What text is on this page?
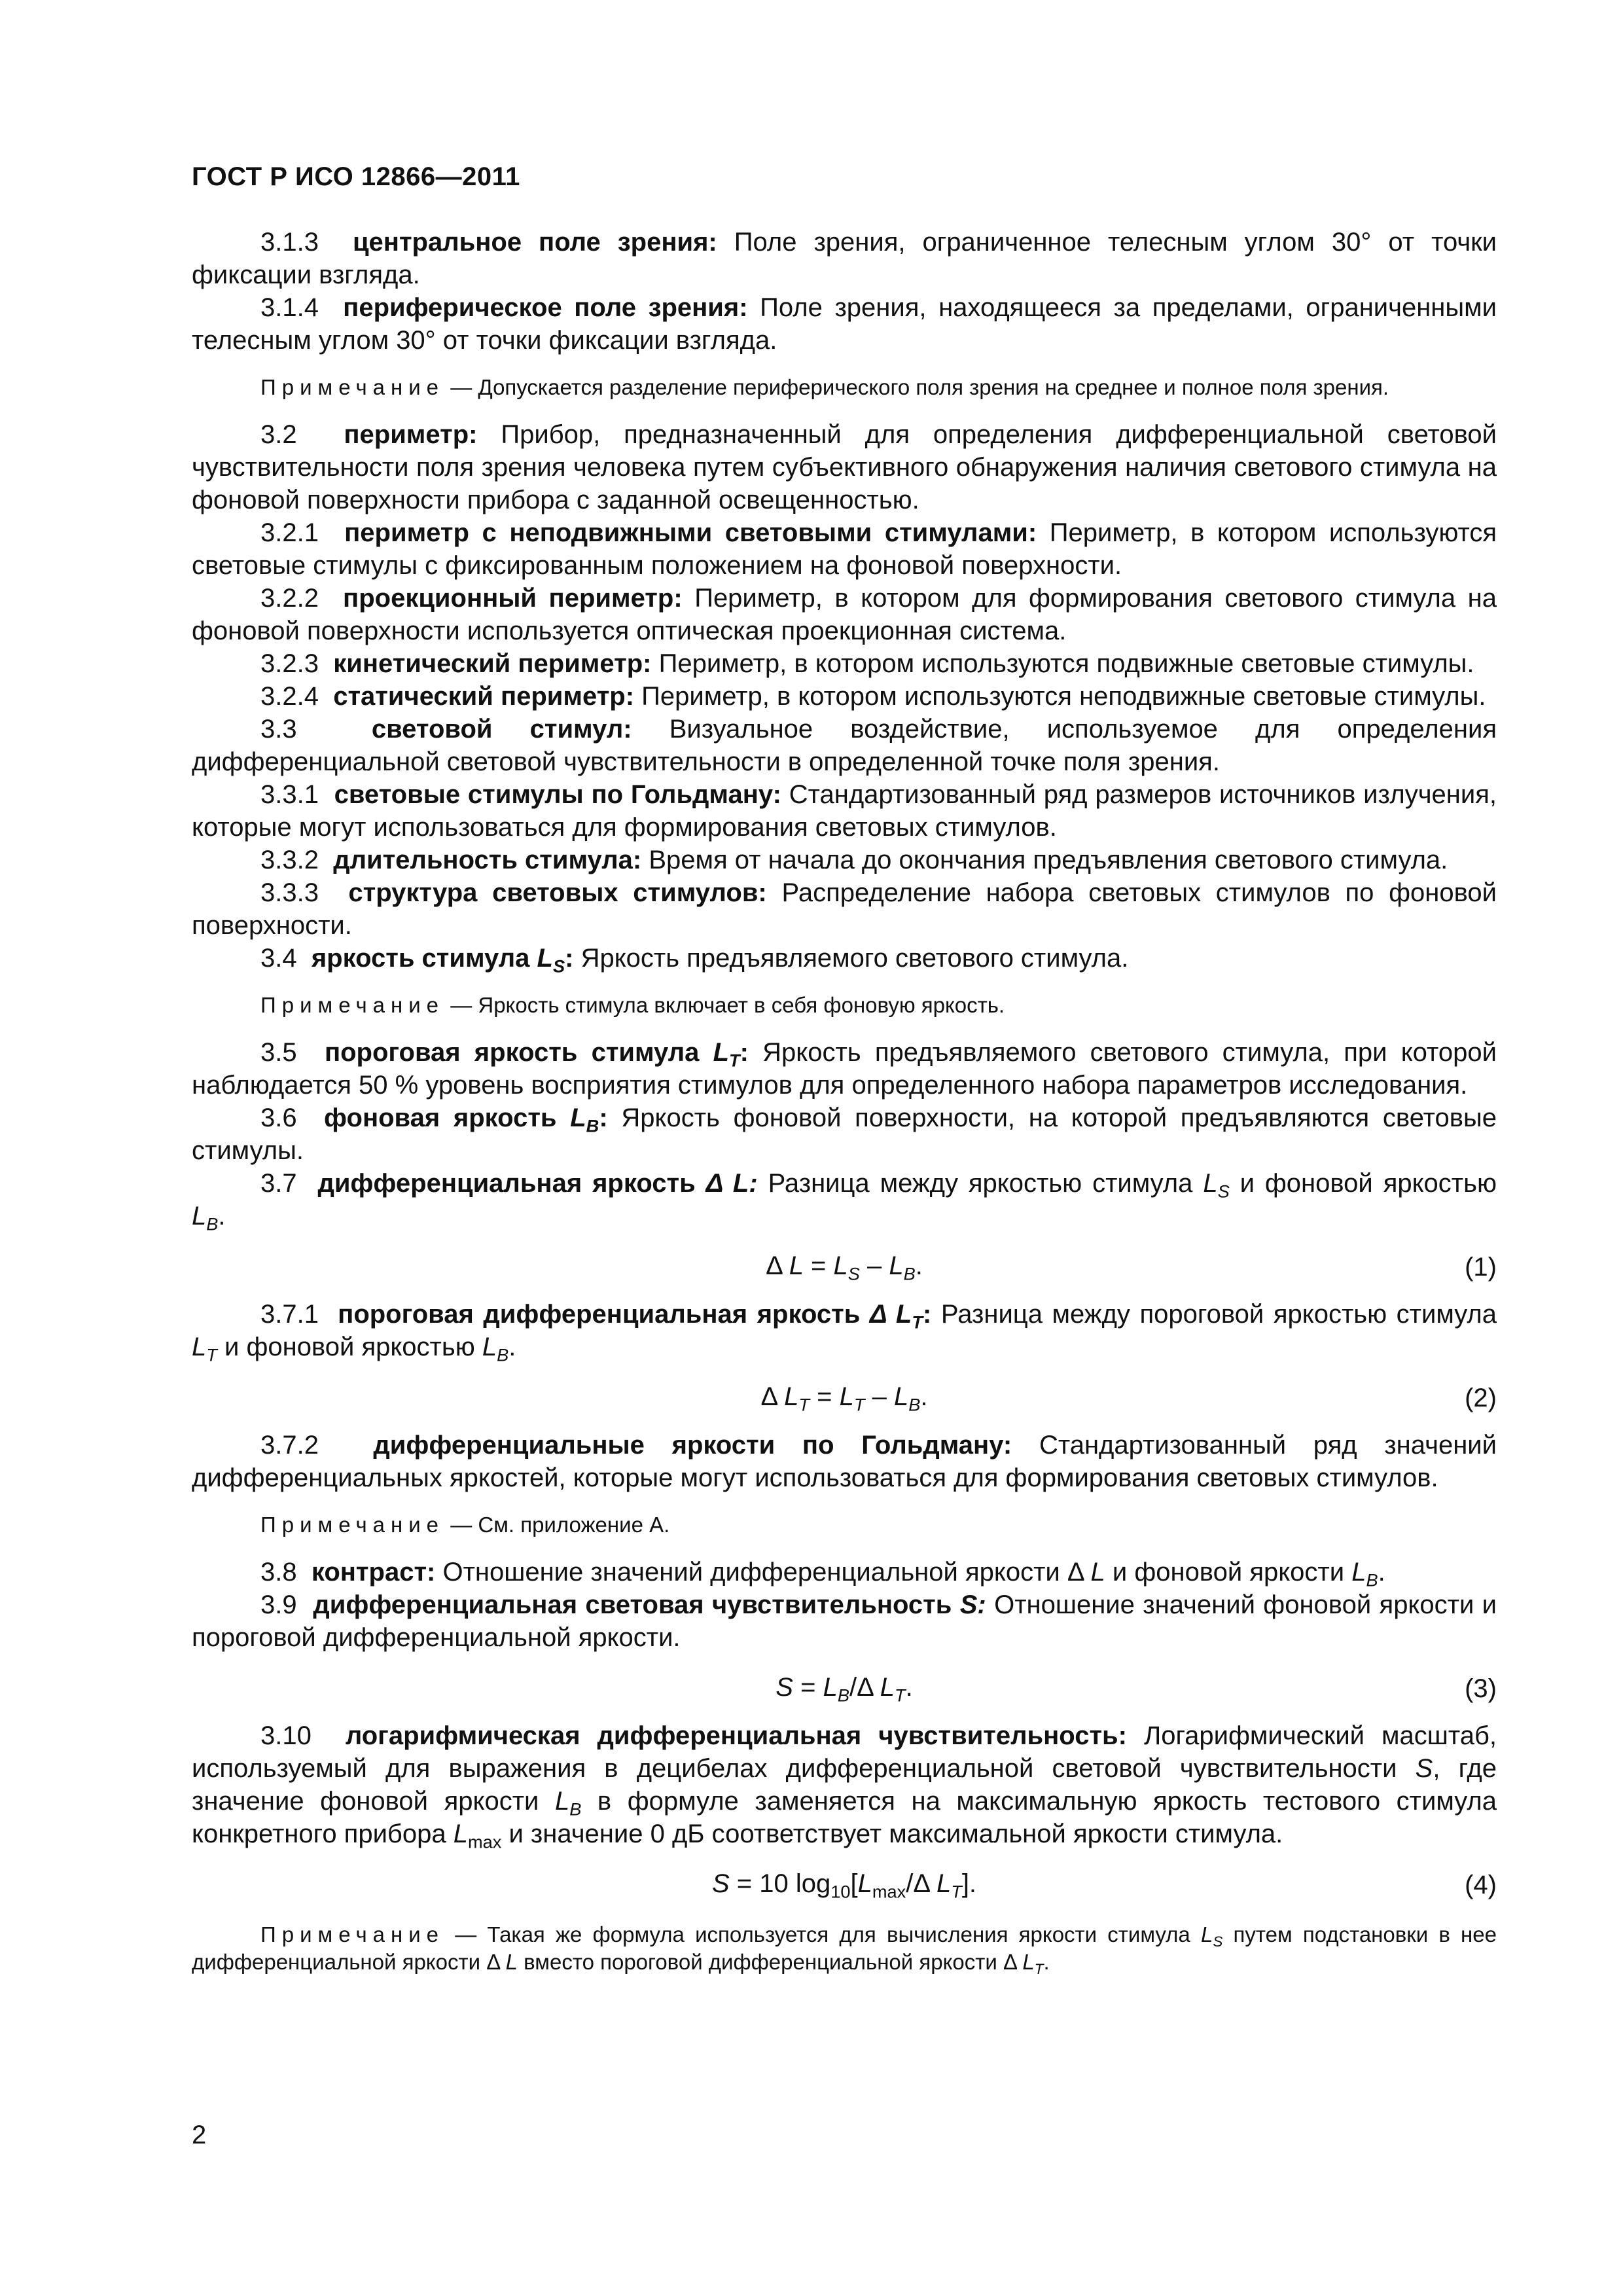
ГОСТ Р ИСО 12866—2011

3.1.3 центральное поле зрения: Поле зрения, ограниченное телесным углом 30° от точки фиксации взгляда.

3.1.4 периферическое поле зрения: Поле зрения, находящееся за пределами, ограниченными телесным углом 30° от точки фиксации взгляда.

Примечание — Допускается разделение периферического поля зрения на среднее и полное поля зрения.

3.2 периметр: Прибор, предназначенный для определения дифференциальной световой чувствительности поля зрения человека путем субъективного обнаружения наличия светового стимула на фоновой поверхности прибора с заданной освещенностью.

3.2.1 периметр с неподвижными световыми стимулами: Периметр, в котором используются световые стимулы с фиксированным положением на фоновой поверхности.

3.2.2 проекционный периметр: Периметр, в котором для формирования светового стимула на фоновой поверхности используется оптическая проекционная система.

3.2.3 кинетический периметр: Периметр, в котором используются подвижные световые стимулы.

3.2.4 статический периметр: Периметр, в котором используются неподвижные световые стимулы.

3.3	световой стимул: Визуальное воздействие, используемое для определения дифференциальной световой чувствительности в определенной точке поля зрения.

3.3.1 световые стимулы по Гольдману: Стандартизованный ряд размеров источников излучения, которые могут использоваться для формирования световых стимулов.

3.3.2 длительность стимула: Время от начала до окончания предъявления светового стимула.

3.3.3 структура световых стимулов: Распределение набора световых стимулов по фоновой поверхности.

3.4 яркость стимула $L_S$: Яркость предъявляемого светового стимула.

Примечание — Яркость стимула включает в себя фоновую яркость.

3.5 пороговая яркость стимула $L_T$: Яркость предъявляемого светового стимула, при которой наблюдается 50 % уровень восприятия стимулов для определенного набора параметров исследования.

3.6 фоновая яркость $L_B$: Яркость фоновой поверхности, на которой предъявляются световые стимулы.

3.7 дифференциальная яркость Δ L: Разница между яркостью стимула $L_S$ и фоновой яркостью $L_B$.

Δ $L = L_S - L_B$.	(1)

3.7.1 пороговая дифференциальная яркость Δ $L_T$: Разница между пороговой яркостью стимула $L_T$ и фоновой яркостью $L_B$.

Δ $L_T = L_T - L_B$.	(2)

3.7.2 дифференциальные яркости по Гольдману: Стандартизованный ряд значений дифференциальных яркостей, которые могут использоваться для формирования световых стимулов.

Примечание — См. приложение А.

3.8 контраст: Отношение значений дифференциальной яркости Δ L и фоновой яркости $L_B$.

3.9 дифференциальная световая чувствительность S: Отношение значений фоновой яркости и пороговой дифференциальной яркости.

$S = L_B/\Delta$ $L_T$.	(3)

3.10 логарифмическая дифференциальная чувствительность: Логарифмический масштаб, используемый для выражения в децибелах дифференциальной световой чувствительности S, где значение фоновой яркости $L_B$ в формуле заменяется на максимальную яркость тестового стимула конкретного прибора $L_{max}$ и значение 0 дБ соответствует максимальной яркости стимула.

S = 10 $\log_{10}[L_{max}/\Delta$ $L_T$].	(4)

Примечание — Такая же формула используется для вычисления яркости стимула $L_S$ путем подстановки в нее дифференциальной яркости Δ L вместо пороговой дифференциальной яркости Δ $L_T$.

2
